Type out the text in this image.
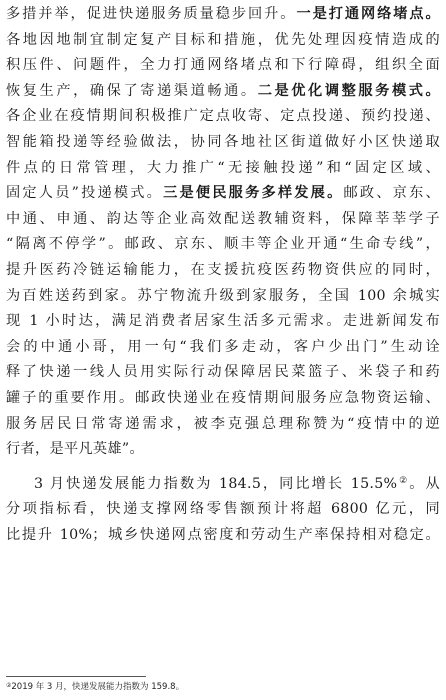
多措并举，促进快递服务质量稳步回升。一是打通网络堵点。
各地因地制宜制定复产目标和措施，优先处理因疫情造成的
积压件、问题件，全力打通网络堵点和下行障碍，组织全面
恢复生产，确保了寄递渠道畅通。二是优化调整服务模式。
各企业在疫情期间积极推广定点收寄、定点投递、预约投递、
智能箱投递等经验做法，协同各地社区街道做好小区快递取
件点的日常管理，大力推广“无接触投递”和“固定区域、
固定人员”投递模式。三是便民服务多样发展。邮政、京东、
中通、申通、韵达等企业高效配送教辅资料，保障莘莘学子
“隔离不停学”。邮政、京东、顺丰等企业开通“生命专线”，
提升医药冷链运输能力，在支援抗疫医药物资供应的同时，
为百姓送药到家。苏宁物流升级到家服务，全国 100 余城实
现 1 小时达，满足消费者居家生活多元需求。走进新闻发布
会的中通小哥，用一句“我们多走动，客户少出门”生动诠
释了快递一线人员用实际行动保障居民菜篮子、米袋子和药
罐子的重要作用。邮政快递业在疫情期间服务应急物资运输、
服务居民日常寄递需求，被李克强总理称赞为“疫情中的逆
行者，是平凡英雄”。
3 月快递发展能力指数为 184.5，同比增长 15.5%②。从
分项指标看，快递支撑网络零售额预计将超 6800 亿元，同
比提升 10%；城乡快递网点密度和劳动生产率保持相对稳定。
②2019 年 3 月，快递发展能力指数为 159.8。
